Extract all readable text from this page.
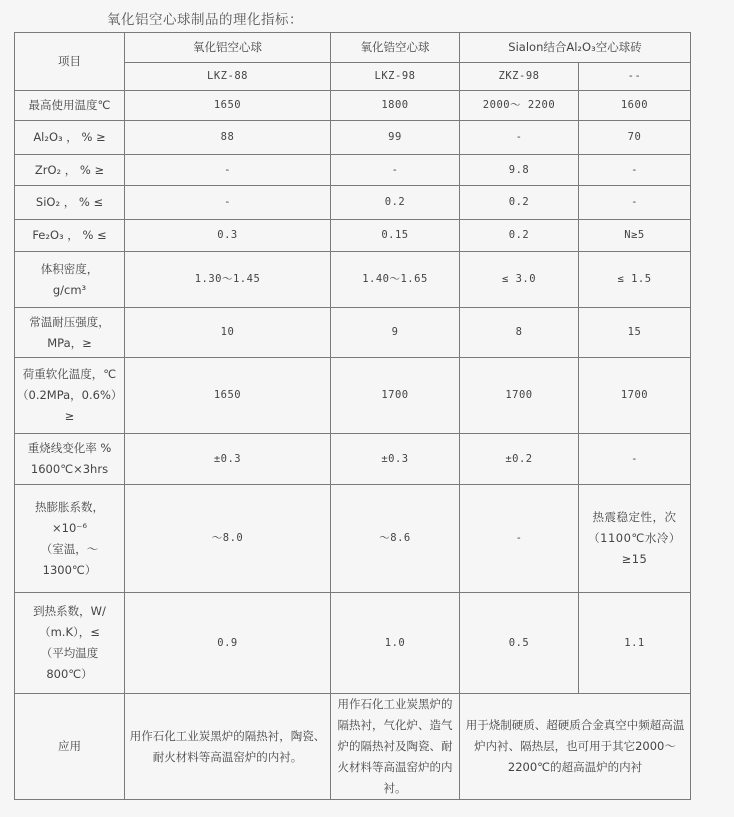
氧化铝空心球制品的理化指标：
项目	氧化铝空心球	氧化锆空心球	Sialon结合Al₂O₃空心球砖	
	LKZ-88	LKZ-98	ZKZ-98	--

最高使用温度℃	1650	1800	2000～ 2200	1600

Al₂O₃ ， % ≥	88	99	-	70

ZrO₂ ， % ≥	-	-	9.8	-

SiO₂ ， % ≤	-	0.2	0.2	-

Fe₂O₃ ， % ≤	0.3	0.15	0.2	N≥5

体积密度，
g/cm³	1.30～1.45	1.40～1.65	≤ 3.0	≤ 1.5

常温耐压强度，
MPa，≥	10	9	8	15

荷重软化温度，℃
（0.2MPa，0.6%）
≥	1650	1700	1700	1700

重烧线变化率 %
1600℃×3hrs	±0.3	±0.3	±0.2	-

热膨胀系数，
×10⁻⁶
（室温，～
1300℃）	～8.0	～8.6	-	热震稳定性，次
（1100℃水冷）
≥15

到热系数，W/
（m.K），≤
（平均温度
800℃）	0.9	1.0	0.5	1.1
应用	用作石化工业炭黑炉的隔热衬，陶瓷、耐火材料等高温窑炉的内衬。	用作石化工业炭黑炉的隔热衬，气化炉、造气炉的隔热衬及陶瓷、耐火材料等高温窑炉的内衬。	用于烧制硬质、超硬质合金真空中频超高温炉内衬、隔热层，也可用于其它2000～2200℃的超高温炉的内衬	
